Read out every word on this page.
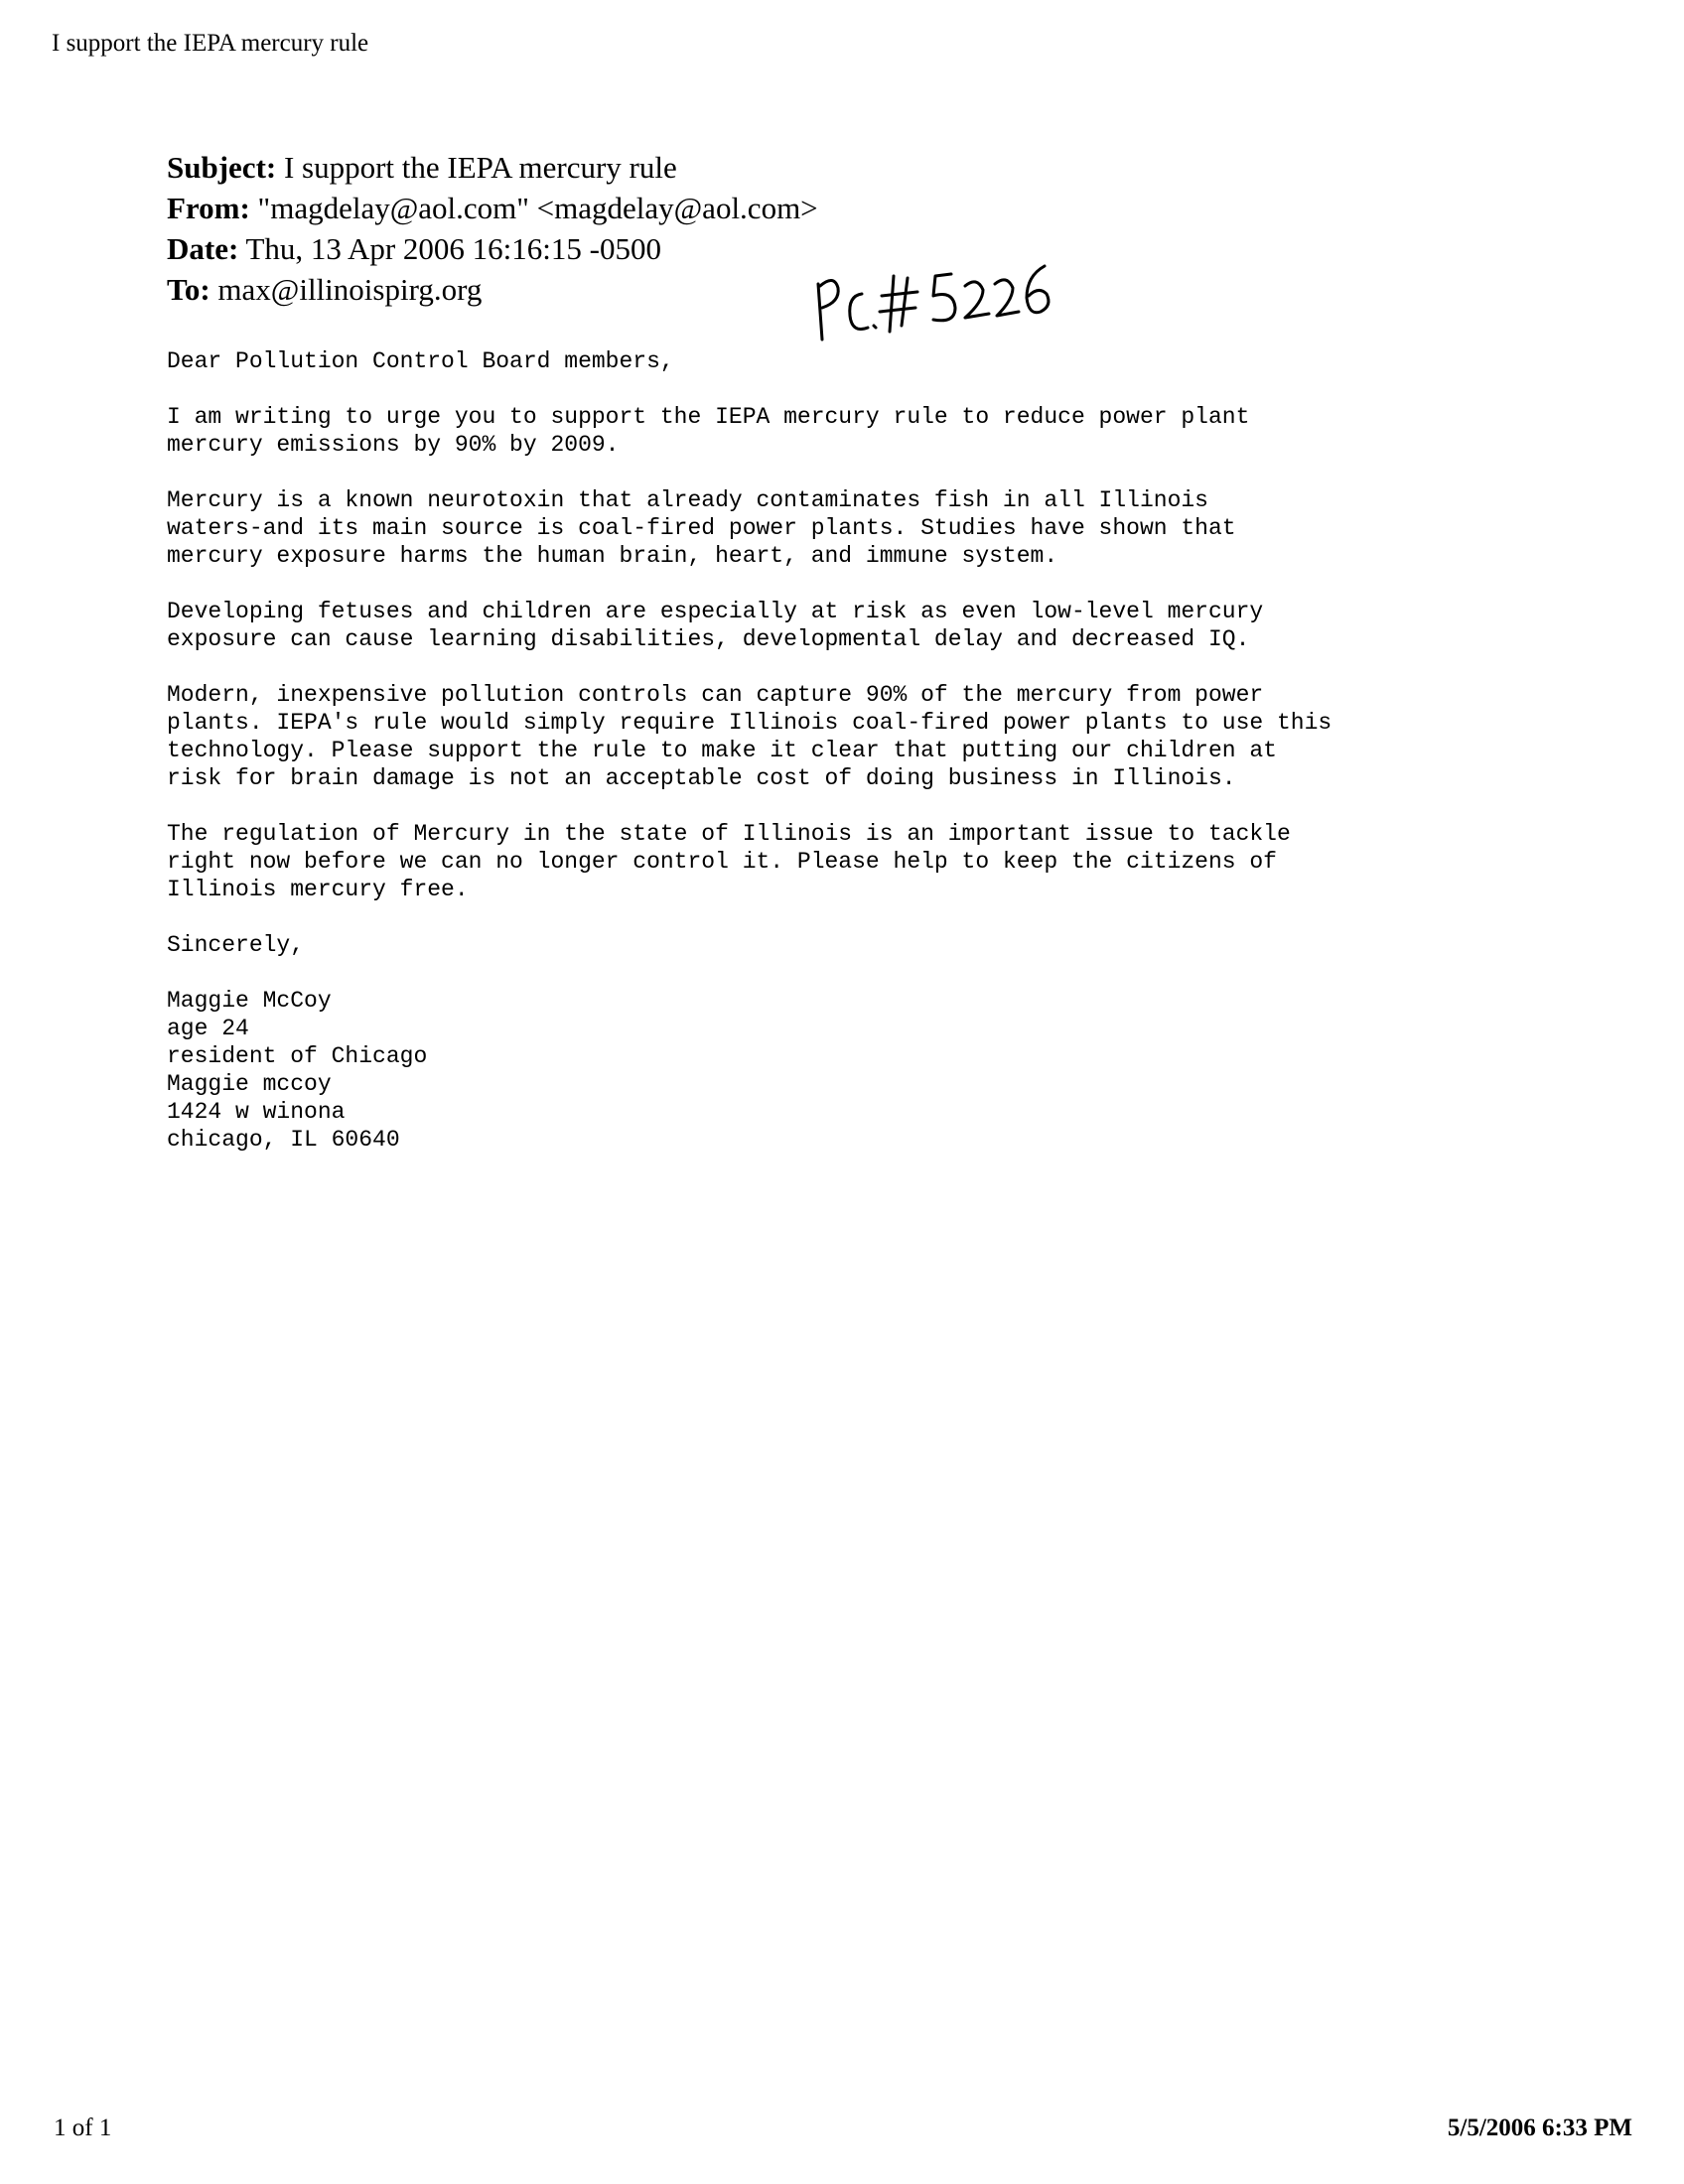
I support the IEPA mercury rule
Subject: I support the IEPA mercury rule
From: "magdelay@aol.com" <magdelay@aol.com>
Date: Thu, 13 Apr 2006 16:16:15 -0500
To: max@illinoispirg.org
Dear Pollution Control Board members,
I am writing to urge you to support the IEPA mercury rule to reduce power plant
mercury emissions by 90% by 2009.
Mercury is a known neurotoxin that already contaminates fish in all Illinois
waters-and its main source is coal-fired power plants. Studies have shown that
mercury exposure harms the human brain, heart, and immune system.
Developing fetuses and children are especially at risk as even low-level mercury
exposure can cause learning disabilities, developmental delay and decreased IQ.
Modern, inexpensive pollution controls can capture 90% of the mercury from power
plants. IEPA's rule would simply require Illinois coal-fired power plants to use this
technology. Please support the rule to make it clear that putting our children at
risk for brain damage is not an acceptable cost of doing business in Illinois.
The regulation of Mercury in the state of Illinois is an important issue to tackle
right now before we can no longer control it. Please help to keep the citizens of
Illinois mercury free.
Sincerely,
Maggie McCoy
age 24
resident of Chicago
Maggie mccoy
1424 w winona
chicago, IL 60640
1 of 1	5/5/2006 6:33 PM
